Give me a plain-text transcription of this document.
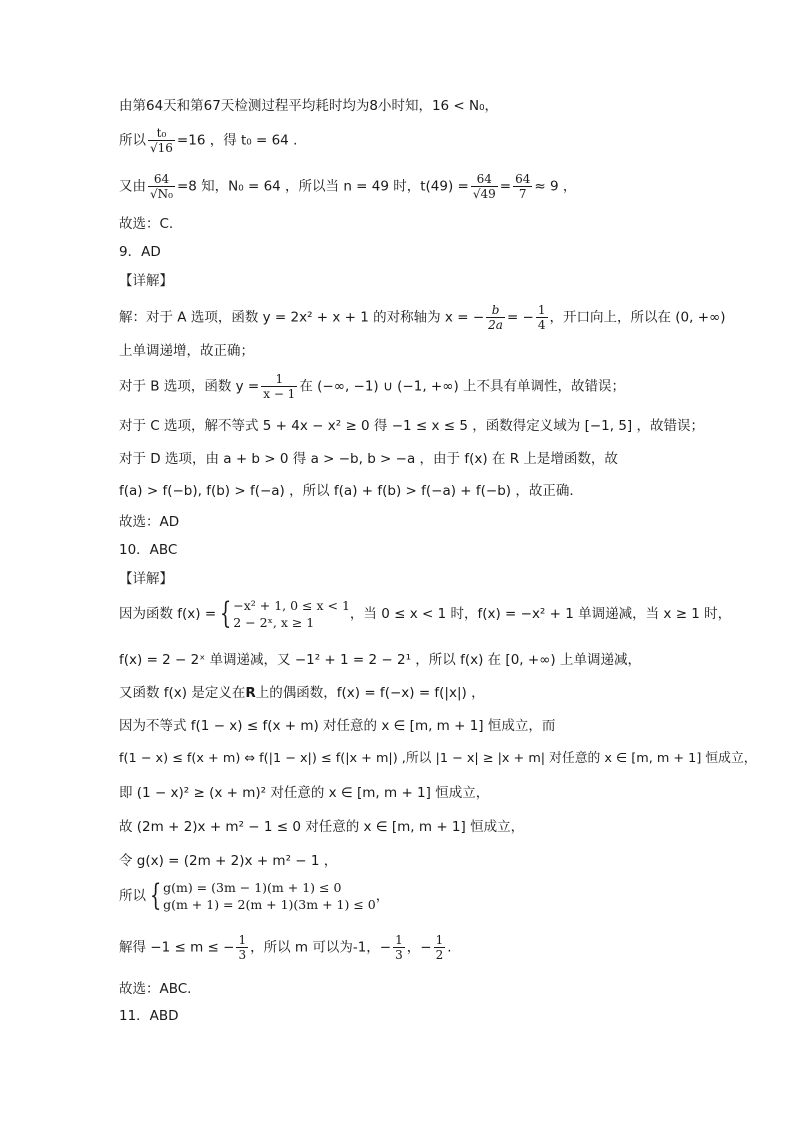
由第64天和第67天检测过程平均耗时均为8小时知，16 < N₀，
所以 $\frac{\text{t₀}}{√16} =16$ ，得 t₀ = 64 .
又由 $\frac{64}{\text{√N₀}} =8$ 知，N₀ = 64 ，所以当 n = 49 时，$t(49) = \frac{64}{√49} = \frac{64}{7} \approx 9$ ，
故选：C.
9．AD
【详解】
解：对于 A 选项，函数 y = 2x² + x + 1 的对称轴为 x = − $\frac{b}{2a}$ = − $\frac{1}{4}$ ，开口向上，所以在 (0, +∞)
上单调递增，故正确；
对于 B 选项，函数 $y = \frac{1}{x - 1}$ 在 (−∞, −1) ∪ (−1, +∞) 上不具有单调性，故错误；
对于 C 选项，解不等式 5 + 4x − x² ≥ 0 得 −1 ≤ x ≤ 5 ，函数得定义域为 [−1, 5] ，故错误；
对于 D 选项，由 a + b > 0 得 a > −b, b > −a ，由于 f(x) 在 R 上是增函数，故
f(a) > f(−b), f(b) > f(−a) ，所以 f(a) + f(b) > f(−a) + f(−b) ，故正确.
故选：AD
10．ABC
【详解】
因为函数 f(x) = { −x² + 1, 0 ≤ x < 1
2 − 2ˣ, x ≥ 1
，当 0 ≤ x < 1 时，f(x) = −x² + 1 单调递减，当 x ≥ 1 时，
f(x) = 2 − 2ˣ 单调递减，又 −1² + 1 = 2 − 2¹ ，所以 f(x) 在 [0, +∞) 上单调递减，
又函数 f(x) 是定义在R上的偶函数，f(x) = f(−x) = f(|x|) ，
因为不等式 f(1 − x) ≤ f(x + m) 对任意的 x ∈ [m, m + 1] 恒成立，而
f(1 − x) ≤ f(x + m) ⇔ f(|1 − x|) ≤ f(|x + m|) ,所以 |1 − x| ≥ |x + m| 对任意的 x ∈ [m, m + 1] 恒成立，
即 (1 − x)² ≥ (x + m)² 对任意的 x ∈ [m, m + 1] 恒成立，
故 (2m + 2)x + m² − 1 ≤ 0 对任意的 x ∈ [m, m + 1] 恒成立，
令 g(x) = (2m + 2)x + m² − 1 ，
所以 { g(m) = (3m − 1)(m + 1) ≤ 0
g(m + 1) = 2(m + 1)(3m + 1) ≤ 0
，
解得 −1 ≤ m ≤ − $\frac{1}{3}$ ，所以 m 可以为-1，− $\frac{1}{3}$ ，− $\frac{1}{2}$ .
故选：ABC.
11．ABD
